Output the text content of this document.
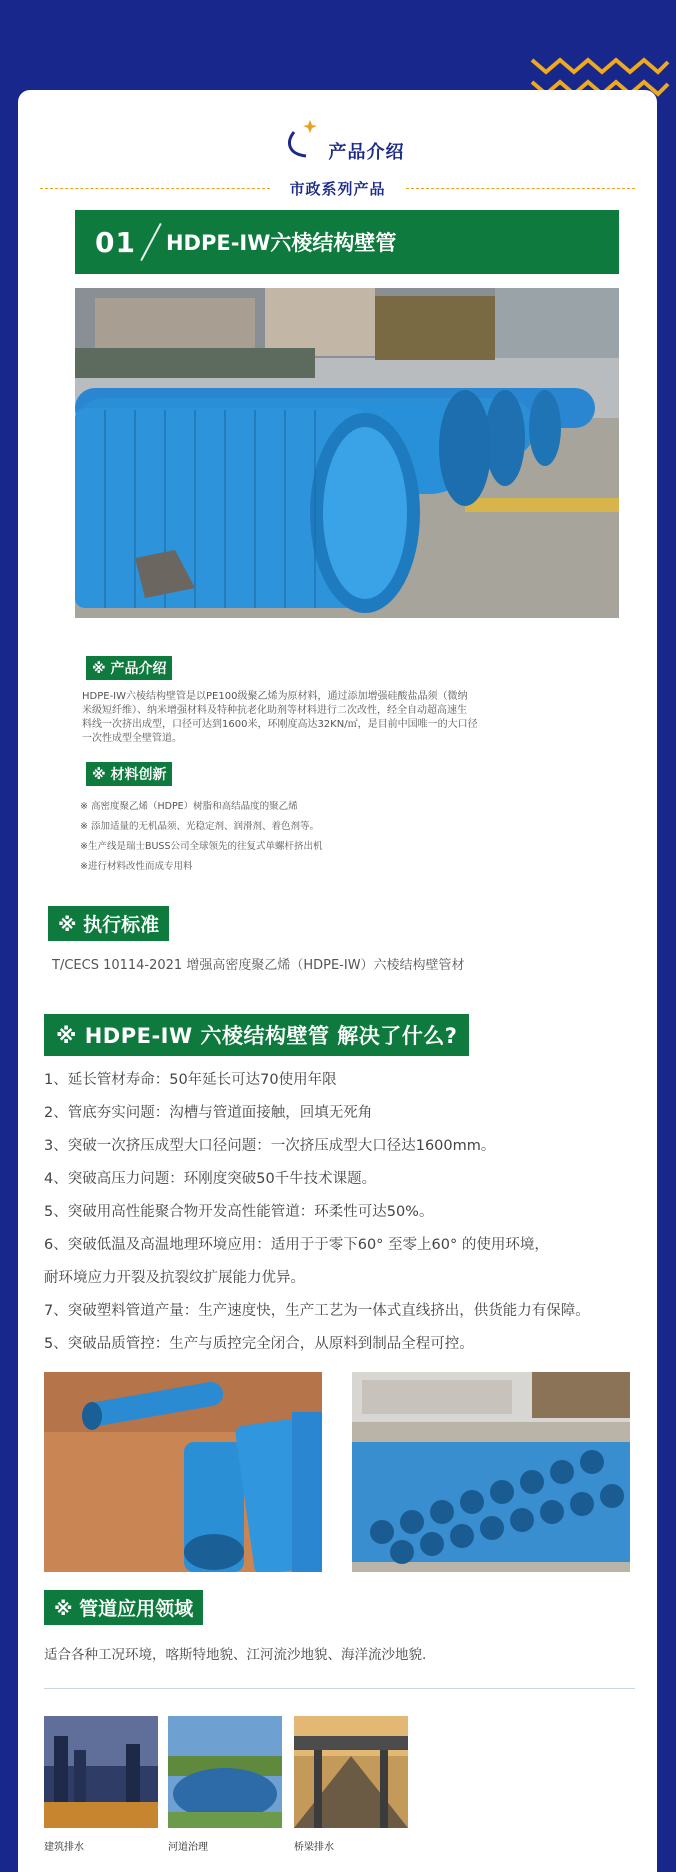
产品介绍
市政系列产品
01 HDPE-IW六棱结构壁管
※ 产品介绍
HDPE-IW六棱结构壁管是以PE100级聚乙烯为原材料，通过添加增强硅酸盐晶须（微纳
米级短纤维）、纳米增强材料及特种抗老化助剂等材料进行二次改性，经全自动超高速生
料线一次挤出成型，口径可达到1600米，环刚度高达32KN/㎡，是目前中国唯一的大口径
一次性成型全壁管道。
※ 材料创新
※ 高密度聚乙烯（HDPE）树脂和高结晶度的聚乙烯
※ 添加适量的无机晶须、光稳定剂、润滑剂、着色剂等。
※生产线是瑞士BUSS公司全球领先的往复式单螺杆挤出机
※进行材料改性而成专用料
※ 执行标准
T/CECS 10114-2021 增强高密度聚乙烯（HDPE-IW）六棱结构壁管材
※ HDPE-IW 六棱结构壁管 解决了什么?
1、延长管材寿命：50年延长可达70使用年限
2、管底夯实问题：沟槽与管道面接触，回填无死角
3、突破一次挤压成型大口径问题：一次挤压成型大口径达1600mm。
4、突破高压力问题：环刚度突破50千牛技术课题。
5、突破用高性能聚合物开发高性能管道：环柔性可达50%。
6、突破低温及高温地理环境应用：适用于于零下60° 至零上60° 的使用环境，
耐环境应力开裂及抗裂纹扩展能力优异。
7、突破塑料管道产量：生产速度快，生产工艺为一体式直线挤出，供货能力有保障。
5、突破品质管控：生产与质控完全闭合，从原料到制品全程可控。
※ 管道应用领域
适合各种工况环境，喀斯特地貌、江河流沙地貌、海洋流沙地貌.
建筑排水	河道治理	桥梁排水
